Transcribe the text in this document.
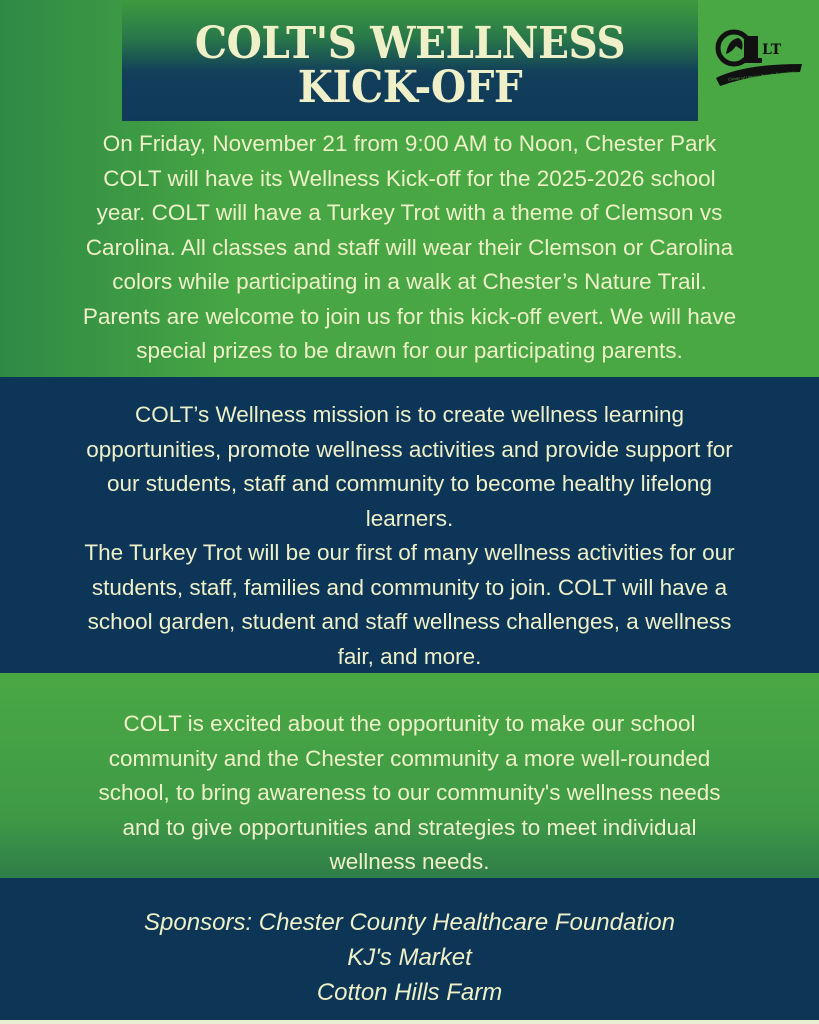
COLT'S WELLNESS
KICK-OFF
LT
Center of Literacy through Technology
On Friday, November 21 from 9:00 AM to Noon, Chester Park
COLT will have its Wellness Kick-off for the 2025-2026 school
year. COLT will have a Turkey Trot with a theme of Clemson vs
Carolina. All classes and staff will wear their Clemson or Carolina
colors while participating in a walk at Chester’s Nature Trail.
Parents are welcome to join us for this kick-off evert. We will have
special prizes to be drawn for our participating parents.
COLT’s Wellness mission is to create wellness learning
opportunities, promote wellness activities and provide support for
our students, staff and community to become healthy lifelong
learners.
The Turkey Trot will be our first of many wellness activities for our
students, staff, families and community to join. COLT will have a
school garden, student and staff wellness challenges, a wellness
fair, and more.
COLT is excited about the opportunity to make our school
community and the Chester community a more well-rounded
school, to bring awareness to our community's wellness needs
and to give opportunities and strategies to meet individual
wellness needs.
Sponsors: Chester County Healthcare Foundation
KJ's Market
Cotton Hills Farm
